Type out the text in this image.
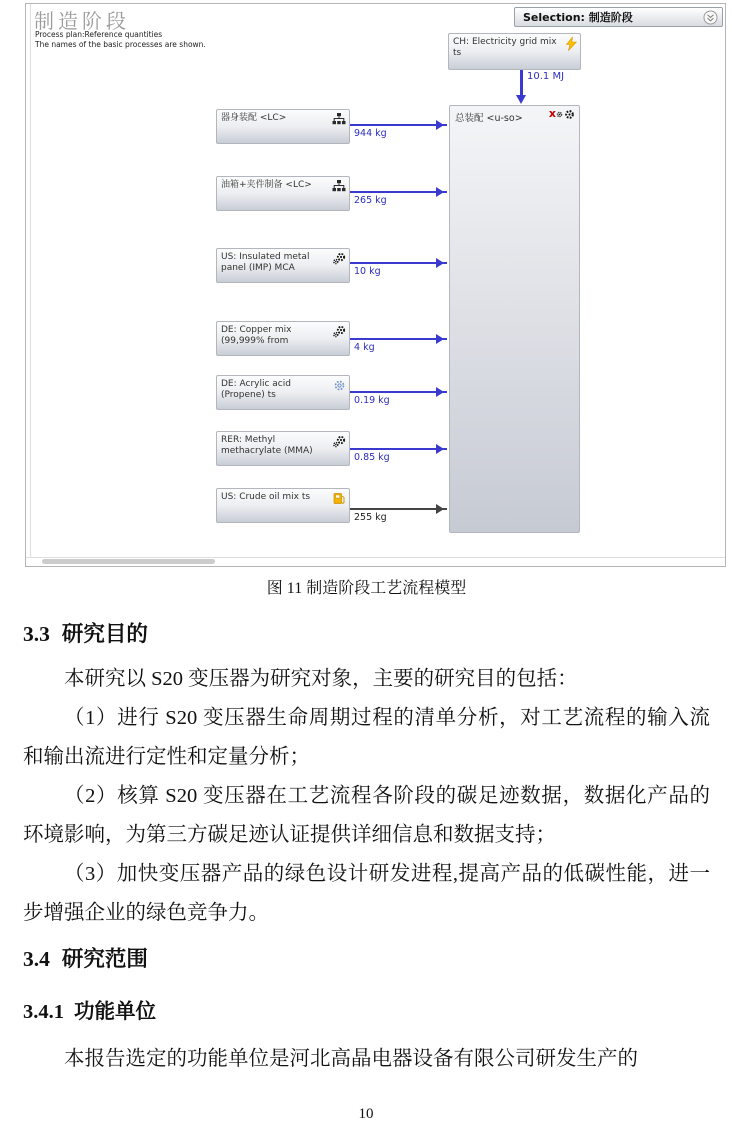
制造阶段
Process plan:Reference quantities
The names of the basic processes are shown.
Selection: 制造阶段
CH: Electricity grid mix ts
10.1 MJ
总装配 <u-so> x
器身装配 <LC>
944 kg
油箱+夹件制备 <LC>
265 kg
US: Insulated metal panel (IMP) MCA	10 kg
DE: Copper mix (99,999% from
4 kg
DE: Acrylic acid (Propene) ts	0.19 kg
RER: Methyl methacrylate (MMA)
0.85 kg
US: Crude oil mix ts
255 kg

图 11 制造阶段工艺流程模型

3.3 研究目的

本研究以 S20 变压器为研究对象，主要的研究目的包括：

（1）进行 S20 变压器生命周期过程的清单分析，对工艺流程的输入流和输出流进行定性和定量分析；

（2）核算 S20 变压器在工艺流程各阶段的碳足迹数据，数据化产品的环境影响，为第三方碳足迹认证提供详细信息和数据支持；

（3）加快变压器产品的绿色设计研发进程,提高产品的低碳性能，进一步增强企业的绿色竞争力。

3.4 研究范围
3.4.1 功能单位

本报告选定的功能单位是河北高晶电器设备有限公司研发生产的

10
